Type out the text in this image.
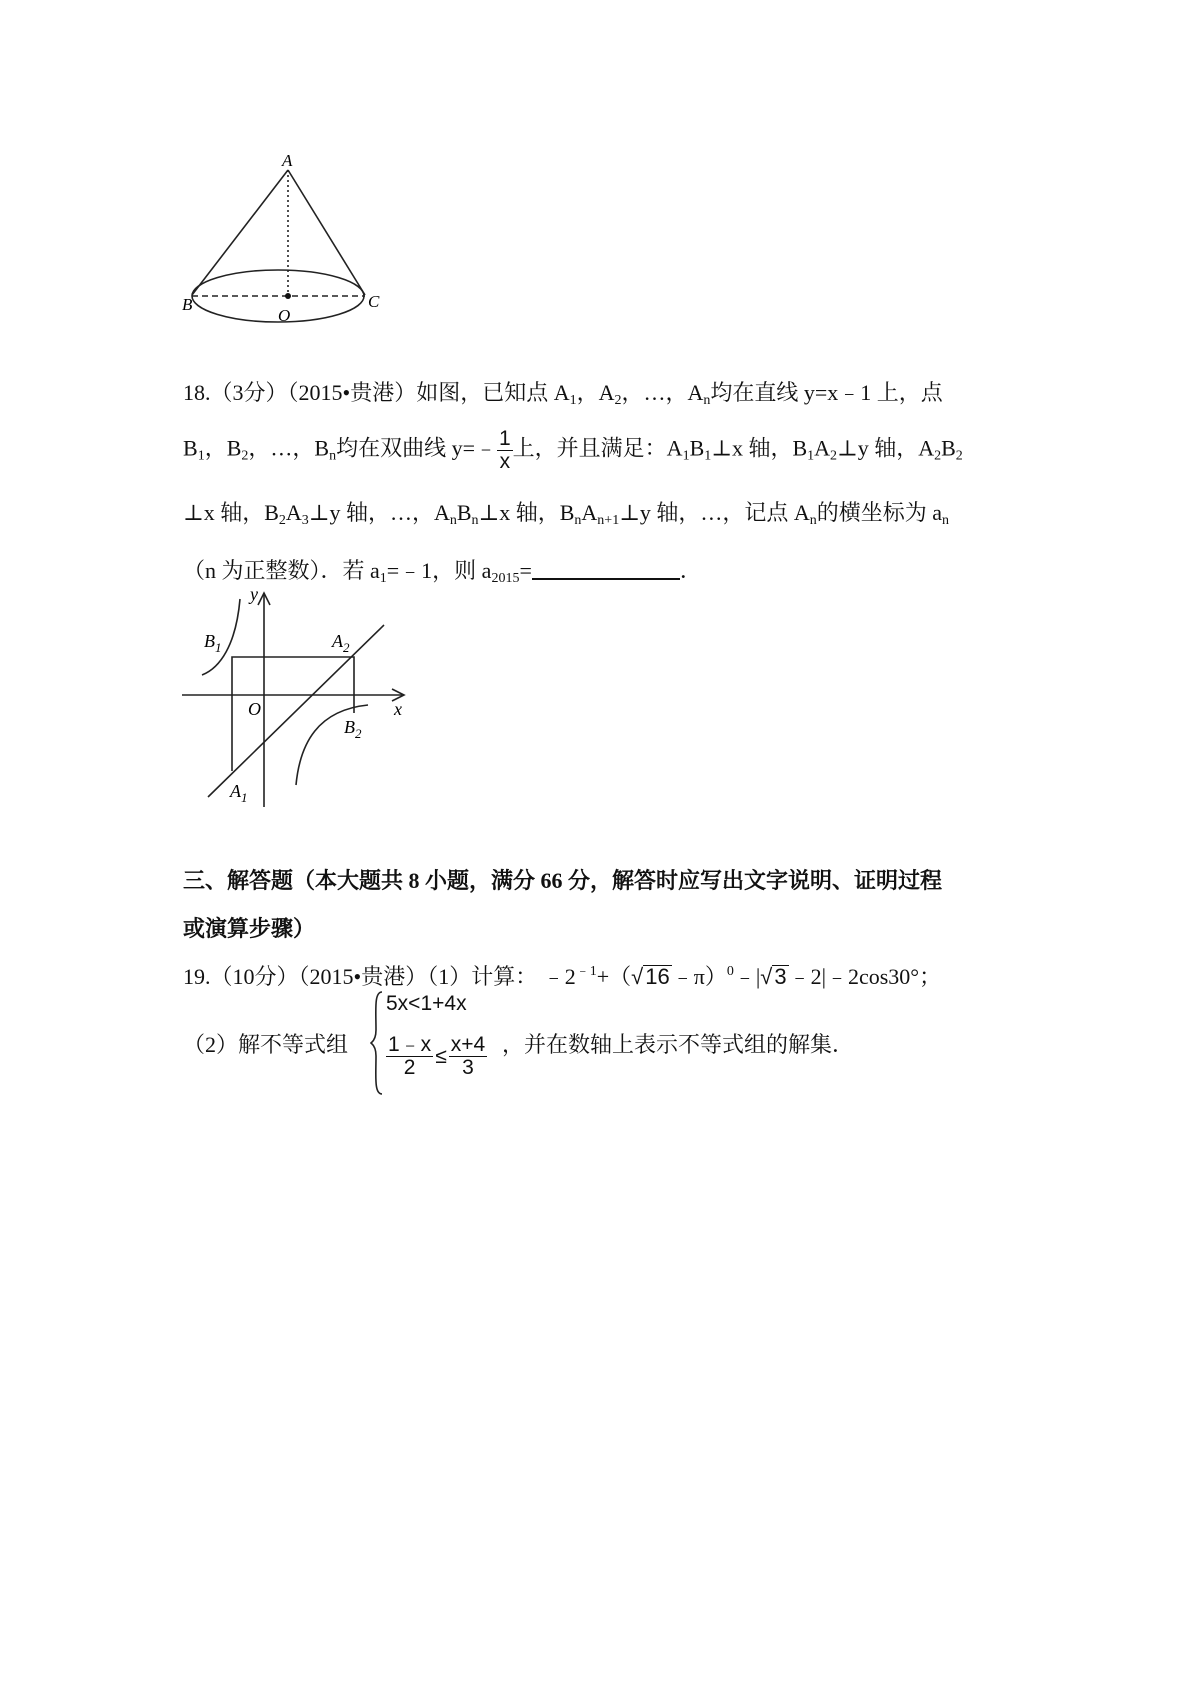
A
B	C
O
18.（3分）（2015•贵港）如图，已知点 $A_1$，$A_2$，…，$A_n$均在直线 y=x﹣1 上，点
$B_1$，$B_2$，…，$B_n$均在双曲线 y=﹣ $\frac{1}{x}$ 上，并且满足：$A_1B_1\perp x$ 轴，$B_1A_2\perp y$ 轴，$A_2B_2$
⊥x 轴，$B_2A_3\perp y$ 轴，…，$A_nB_n\perp x$ 轴，$B_nA_{n+1}\perp y$ 轴，…，记点 $A_n$的横坐标为 $a_n$
（n 为正整数）．若 $a_1=﹣1$，则 $a_{2015}=$	．
y
x
O
$B_1$	$A_2$
$B_2$
$A_1$
三、解答题（本大题共 8 小题，满分 66 分，解答时应写出文字说明、证明过程
或演算步骤）
19.（10分）（2015•贵港）（1）计算： $﹣2^{﹣1}+(√16﹣\pi)^0﹣|√3﹣2|﹣2\cos 30^\circ$；
（2）解不等式组
5x<1+4x
$\frac{1﹣x}{2} \le \frac{x+4}{3}$ ，并在数轴上表示不等式组的解集．
